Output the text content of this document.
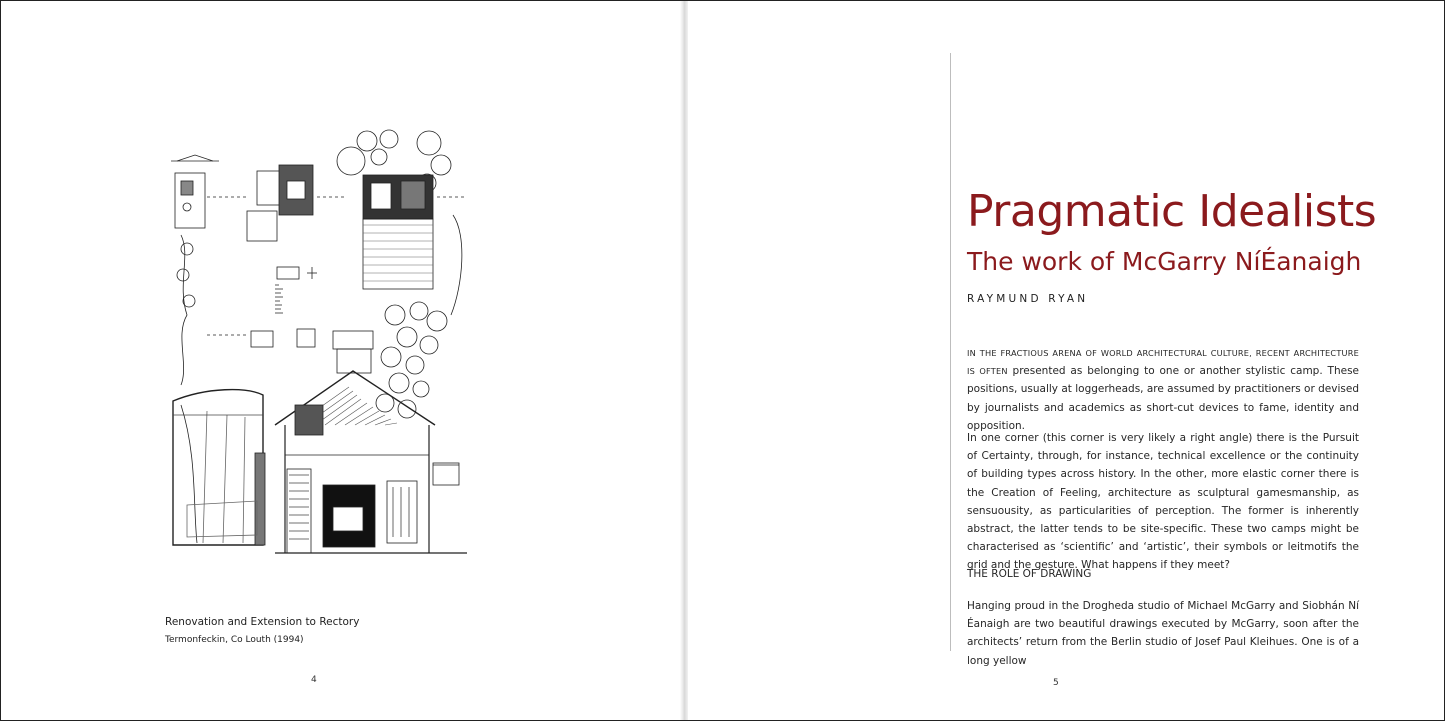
Renovation and Extension to Rectory
Termonfeckin, Co Louth (1994)
4
Pragmatic Idealists
The work of McGarry NíÉanaigh
RAYMUND RYAN

IN THE FRACTIOUS ARENA OF WORLD ARCHITECTURAL CULTURE, RECENT ARCHITECTURE IS OFTEN presented as belonging to one or another stylistic camp. These positions, usually at loggerheads, are assumed by practitioners or devised by journalists and academics as short-cut devices to fame, identity and opposition.

In one corner (this corner is very likely a right angle) there is the Pursuit of Certainty, through, for instance, technical excellence or the continuity of building types across history. In the other, more elastic corner there is the Creation of Feeling, architecture as sculptural gamesmanship, as sensuousity, as particularities of perception. The former is inherently abstract, the latter tends to be site-specific. These two camps might be characterised as ‘scientific’ and ‘artistic’, their symbols or leitmotifs the grid and the gesture. What happens if they meet?

THE ROLE OF DRAWING

Hanging proud in the Drogheda studio of Michael McGarry and Siobhán Ní Éanaigh are two beautiful drawings executed by McGarry, soon after the architects’ return from the Berlin studio of Josef Paul Kleihues. One is of a long yellow

5
